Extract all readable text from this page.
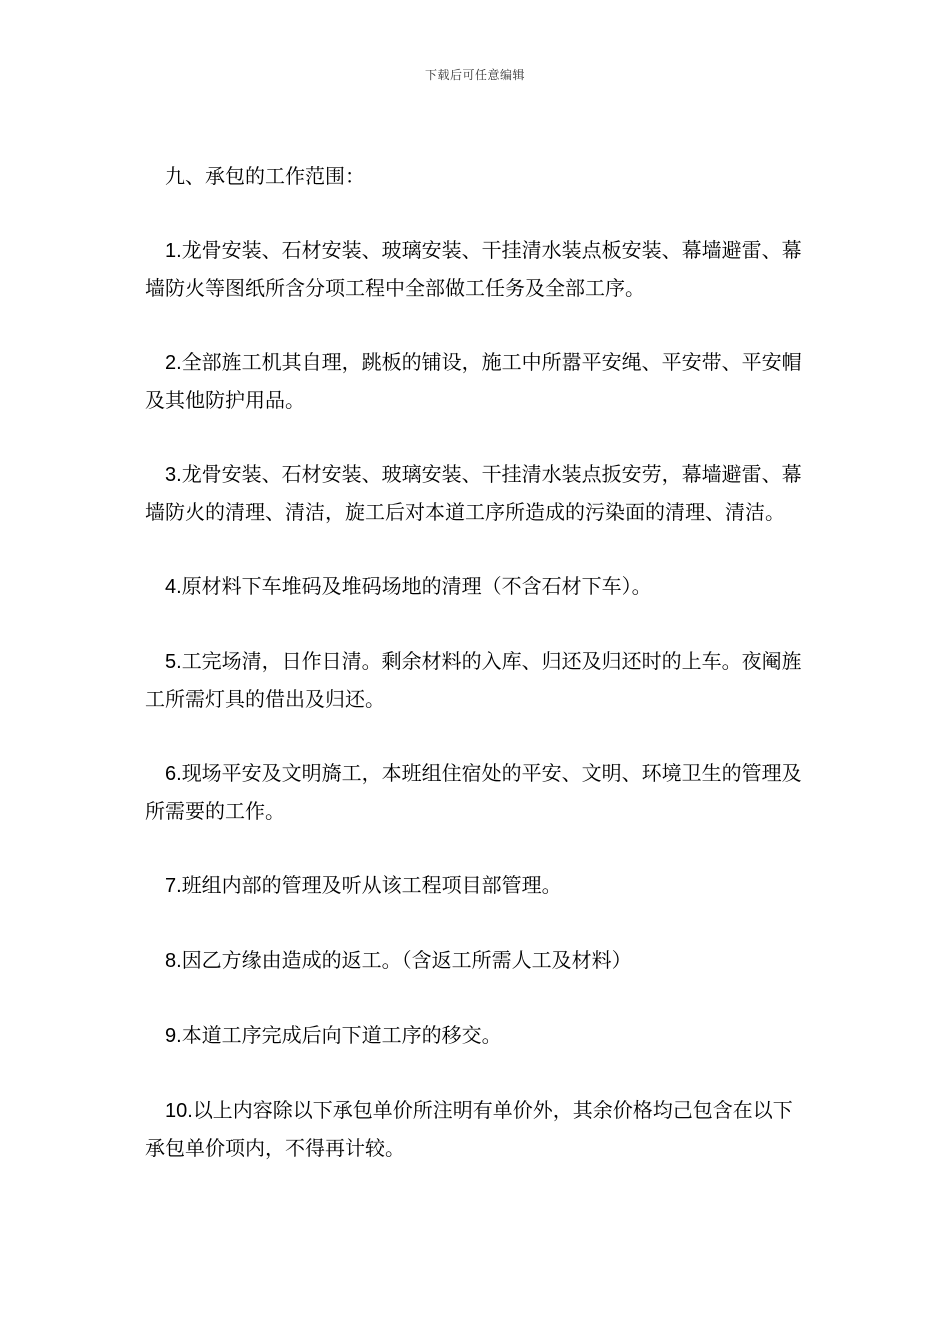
下载后可任意编辑

九、承包的工作范围：

1.龙骨安装、石材安装、玻璃安装、干挂清水装点板安装、幕墙避雷、幕墙防火等图纸所含分项工程中全部做工任务及全部工序。

2.全部旌工机其自理，跳板的铺设，施工中所嚣平安绳、平安带、平安帽及其他防护用品。

3.龙骨安装、石材安装、玻璃安装、干挂清水装点扳安劳，幕墙避雷、幕墙防火的清理、清洁，旋工后对本道工序所造成的污染面的清理、清洁。

4.原材料下车堆码及堆码场地的清理（不含石材下车）。

5.工完场清，日作日清。剩余材料的入库、归还及归还时的上车。夜阉旌工所需灯具的借出及归还。

6.现场平安及文明旖工，本班组住宿处的平安、文明、环境卫生的管理及所需要的工作。

7.班组内部的管理及听从该工程项目部管理。

8.因乙方缘由造成的返工。（含返工所需人工及材料）

9.本道工序完成后向下道工序的移交。

10.以上内容除以下承包单价所注明有单价外，其余价格均己包含在以下承包单价项内，不得再计较。
